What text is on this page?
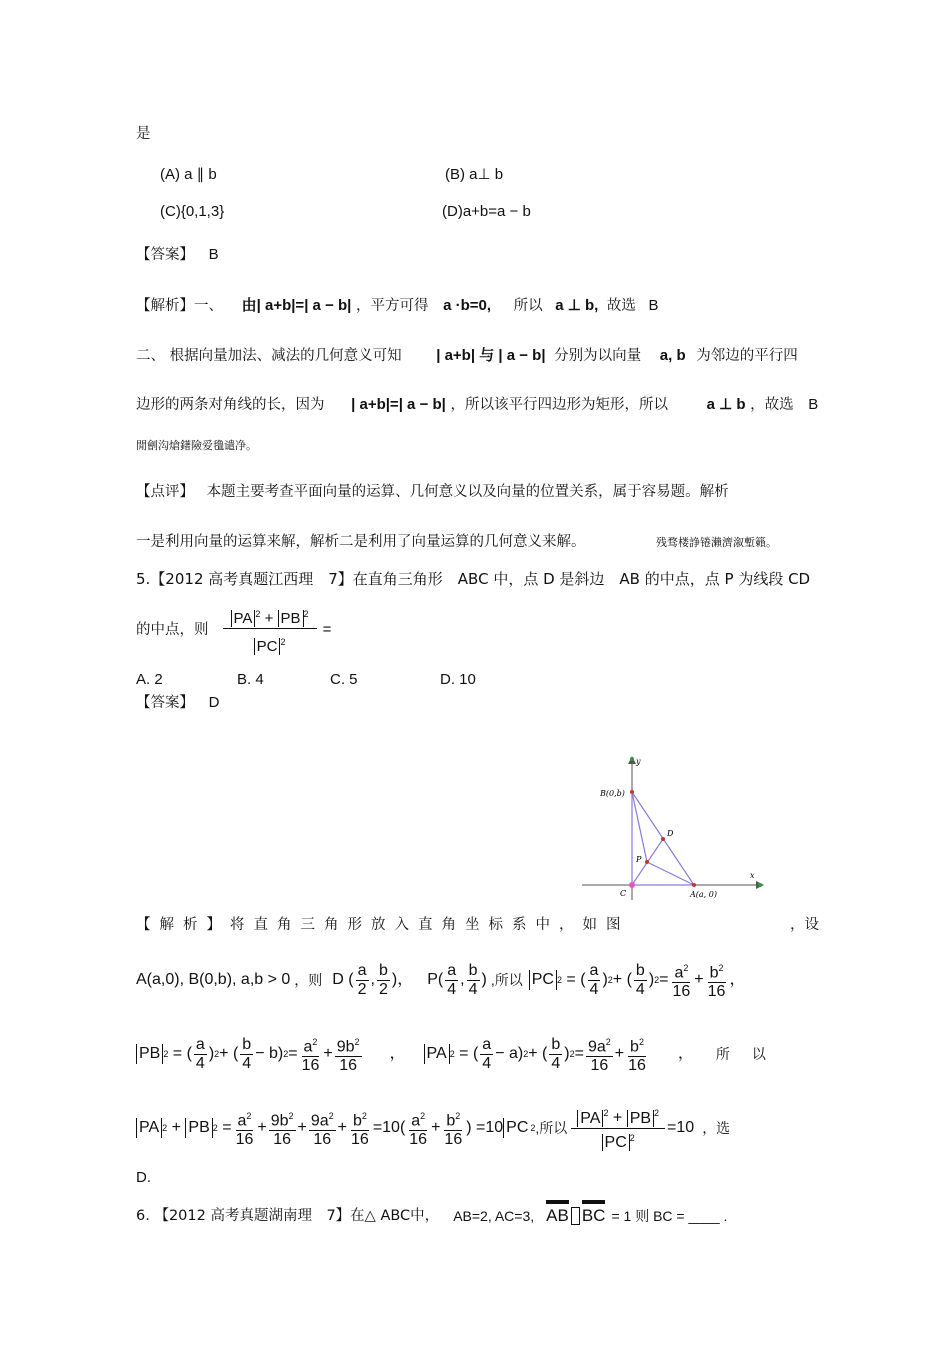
是
(A) a ∥ b	(B) a⊥ b
(C){0,1,3}	(D)a+b=a − b
【答案】 B
【解析】一、 由| a+b|=| a − b| ，平方可得 a ·b=0, 所以 a ⊥ b, 故选 B
二、 根据向量加法、减法的几何意义可知 | a+b| 与 | a − b| 分别为以向量 a, b 为邻边的平行四
边形的两条对角线的长，因为 | a+b|=| a − b| ，所以该平行四边形为矩形，所以	a ⊥ b ，故选 B
閒劊沟熗鐯險爱氇谴净。
【点评】 本题主要考查平面向量的运算、几何意义以及向量的位置关系，属于容易题。解析
一是利用向量的运算来解，解析二是利用了向量运算的几何意义来解。	残骛楼諍锩瀨濟溆塹籟。
5.【2012 高考真题江西理　7】在直角三角形　ABC 中，点 D 是斜边　AB 的中点，点 P 为线段 CD
的中点，则 $\frac{PA ^2 + PB ^2}{PC ^2}$ =
A. 2	B. 4	C. 5	D. 10
【答案】 D
B(0,b)
D
P
C	A(a, 0)
x
y
【解析】将直角三角形放入直角坐标系中，如图	，设
A(a,0), B(0,b), a,b > 0 ，则 D ( $\frac{a}{2}$ , $\frac{b}{2}$ )， $P( \frac{a}{4}$ , $\frac{b}{4}$ ) ,所以 PC 2 = ( $\frac{a}{4}$ ) 2 + ( $\frac{b}{4}$ ) $2 = \frac{a^2}{16} + \frac{b^2}{16}$ ，
PB 2 = ( $\frac{a}{4}$ ) 2 + ( $\frac{b}{4} - b$) $2 = \frac{a^2}{16} + \frac{9b^2}{16}$ ， PA 2 = ( $\frac{a}{4} - a$) 2 + ( $\frac{b}{4}$ ) $2 = \frac{9a^2}{16} + \frac{b^2}{16}$ ， 所 以
PA 2 + PB $2 = \frac{a^2}{16} + \frac{9b^2}{16} + \frac{9a^2}{16} + \frac{b^2}{16} =10( \frac{a^2}{16} + \frac{b^2}{16}$ ) =10 PC 2 ,所以 $\frac{PA ^2 + PB ^2}{PC ^2} =10$ ，选
D.
6. 【2012 高考真题湖南理　7】在△ ABC中， AB=2, AC=3, AB BC = 1 则 BC = ____ .
